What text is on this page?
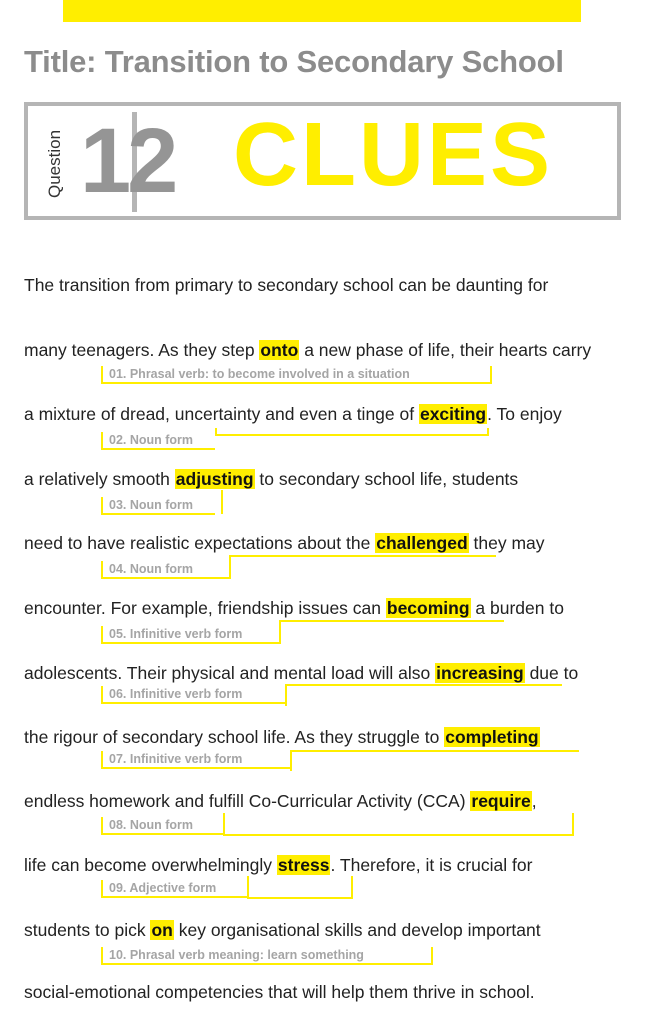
Title: Transition to Secondary School
Question 12 CLUES
The transition from primary to secondary school can be daunting for
many teenagers. As they step onto a new phase of life, their hearts carry
01. Phrasal verb: to become involved in a situation
a mixture of dread, uncertainty and even a tinge of exciting. To enjoy
02. Noun form
a relatively smooth adjusting to secondary school life, students
03. Noun form
need to have realistic expectations about the challenged they may
04. Noun form
encounter. For example, friendship issues can becoming a burden to
05. Infinitive verb form
adolescents. Their physical and mental load will also increasing due to
06. Infinitive verb form
the rigour of secondary school life. As they struggle to completing
07. Infinitive verb form
endless homework and fulfill Co-Curricular Activity (CCA) require,
08. Noun form
life can become overwhelmingly stress. Therefore, it is crucial for
09. Adjective form
students to pick on key organisational skills and develop important
10. Phrasal verb meaning: learn something
social-emotional competencies that will help them thrive in school.
